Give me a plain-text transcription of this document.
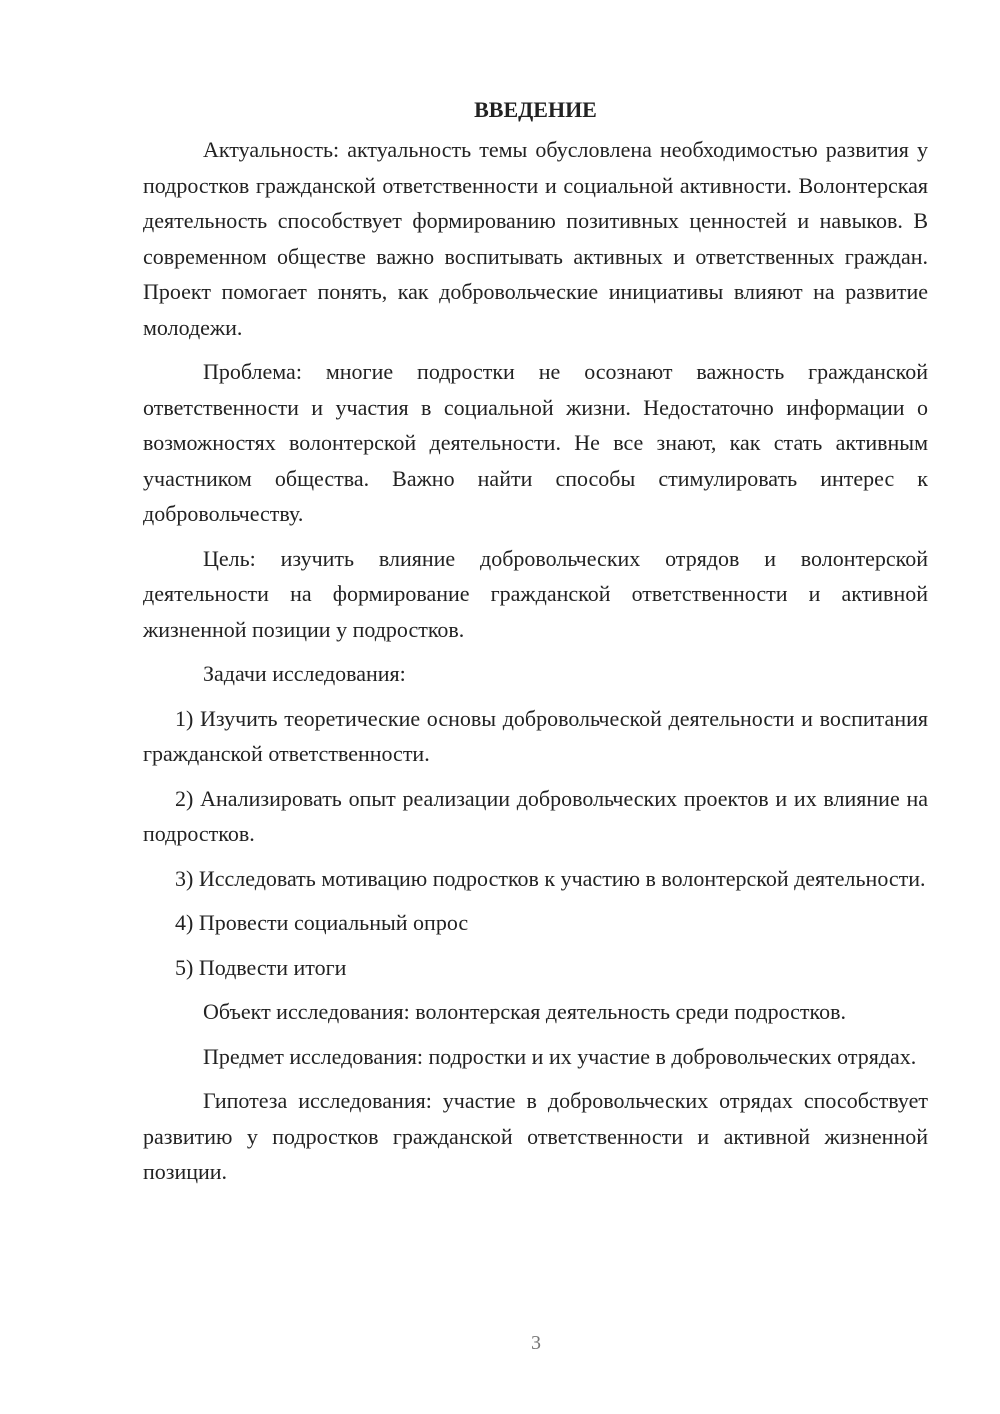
ВВЕДЕНИЕ

Актуальность: актуальность темы обусловлена необходимостью развития у подростков гражданской ответственности и социальной активности. Волонтерская деятельность способствует формированию позитивных ценностей и навыков. В современном обществе важно воспитывать активных и ответственных граждан. Проект помогает понять, как добровольческие инициативы влияют на развитие молодежи.

Проблема: многие подростки не осознают важность гражданской ответственности и участия в социальной жизни. Недостаточно информации о возможностях волонтерской деятельности. Не все знают, как стать активным участником общества. Важно найти способы стимулировать интерес к добровольчеству.

Цель: изучить влияние добровольческих отрядов и волонтерской деятельности на формирование гражданской ответственности и активной жизненной позиции у подростков.

Задачи исследования:

1) Изучить теоретические основы добровольческой деятельности и воспитания гражданской ответственности.

2) Анализировать опыт реализации добровольческих проектов и их влияние на подростков.

3) Исследовать мотивацию подростков к участию в волонтерской деятельности.

4) Провести социальный опрос

5) Подвести итоги

Объект исследования: волонтерская деятельность среди подростков.

Предмет исследования: подростки и их участие в добровольческих отрядах.

Гипотеза исследования: участие в добровольческих отрядах способствует развитию у подростков гражданской ответственности и активной жизненной позиции.

3
